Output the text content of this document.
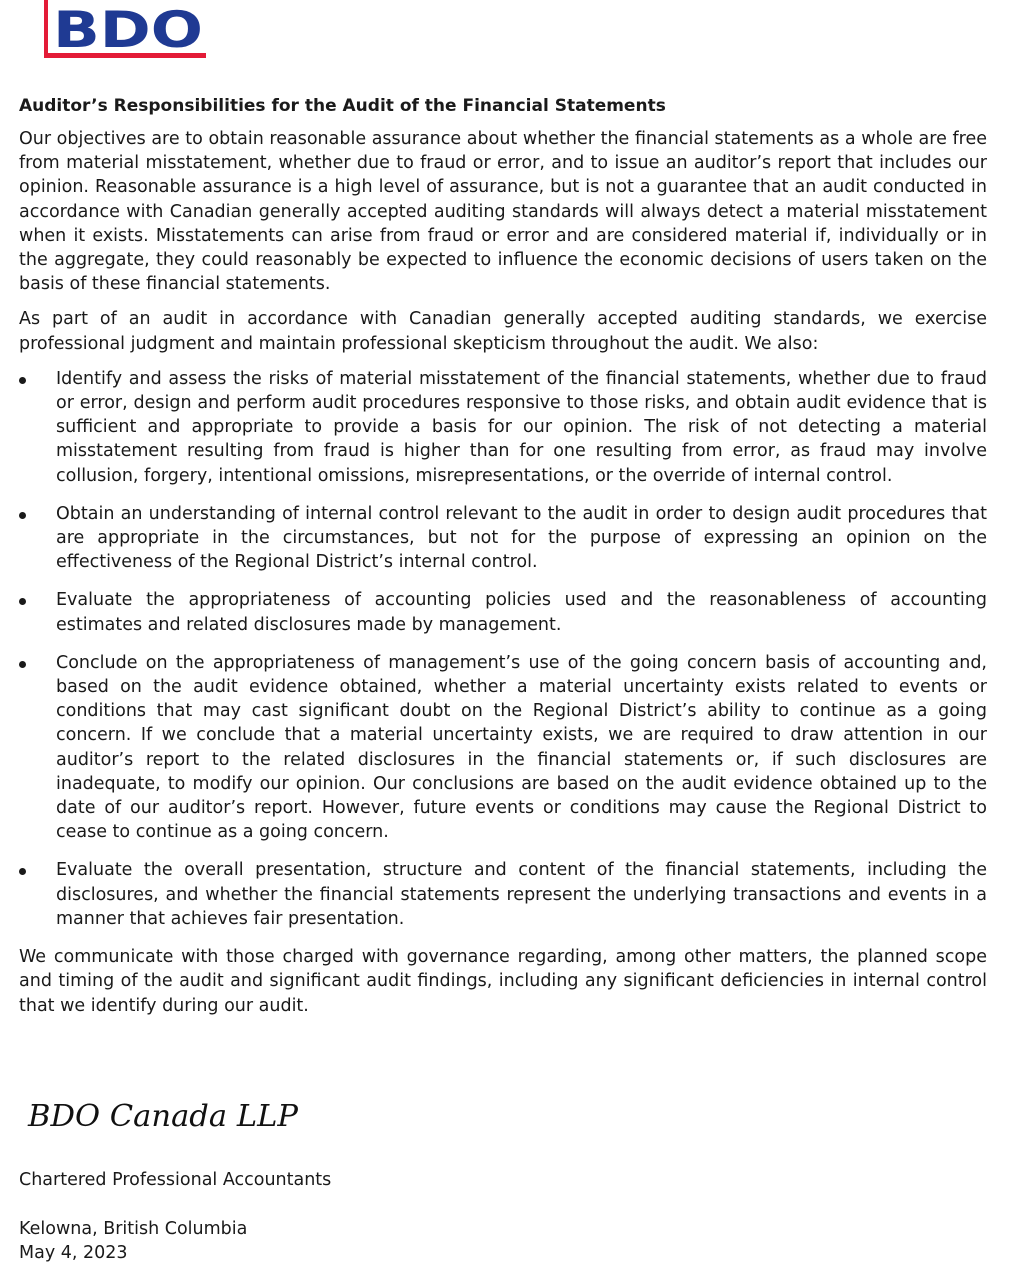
BDO
Auditor’s Responsibilities for the Audit of the Financial Statements

Our objectives are to obtain reasonable assurance about whether the financial statements as a whole are free from material misstatement, whether due to fraud or error, and to issue an auditor’s report that includes our opinion. Reasonable assurance is a high level of assurance, but is not a guarantee that an audit conducted in accordance with Canadian generally accepted auditing standards will always detect a material misstatement when it exists. Misstatements can arise from fraud or error and are considered material if, individually or in the aggregate, they could reasonably be expected to influence the economic decisions of users taken on the basis of these financial statements.

As part of an audit in accordance with Canadian generally accepted auditing standards, we exercise professional judgment and maintain professional skepticism throughout the audit. We also:

Identify and assess the risks of material misstatement of the financial statements, whether due to fraud or error, design and perform audit procedures responsive to those risks, and obtain audit evidence that is sufficient and appropriate to provide a basis for our opinion. The risk of not detecting a material misstatement resulting from fraud is higher than for one resulting from error, as fraud may involve collusion, forgery, intentional omissions, misrepresentations, or the override of internal control.
Obtain an understanding of internal control relevant to the audit in order to design audit procedures that are appropriate in the circumstances, but not for the purpose of expressing an opinion on the effectiveness of the Regional District’s internal control.
Evaluate the appropriateness of accounting policies used and the reasonableness of accounting estimates and related disclosures made by management.
Conclude on the appropriateness of management’s use of the going concern basis of accounting and, based on the audit evidence obtained, whether a material uncertainty exists related to events or conditions that may cast significant doubt on the Regional District’s ability to continue as a going concern. If we conclude that a material uncertainty exists, we are required to draw attention in our auditor’s report to the related disclosures in the financial statements or, if such disclosures are inadequate, to modify our opinion. Our conclusions are based on the audit evidence obtained up to the date of our auditor’s report. However, future events or conditions may cause the Regional District to cease to continue as a going concern.
Evaluate the overall presentation, structure and content of the financial statements, including the disclosures, and whether the financial statements represent the underlying transactions and events in a manner that achieves fair presentation.

We communicate with those charged with governance regarding, among other matters, the planned scope and timing of the audit and significant audit findings, including any significant deficiencies in internal control that we identify during our audit.

BDO Canada LLP

Chartered Professional Accountants

Kelowna, British Columbia

May 4, 2023
